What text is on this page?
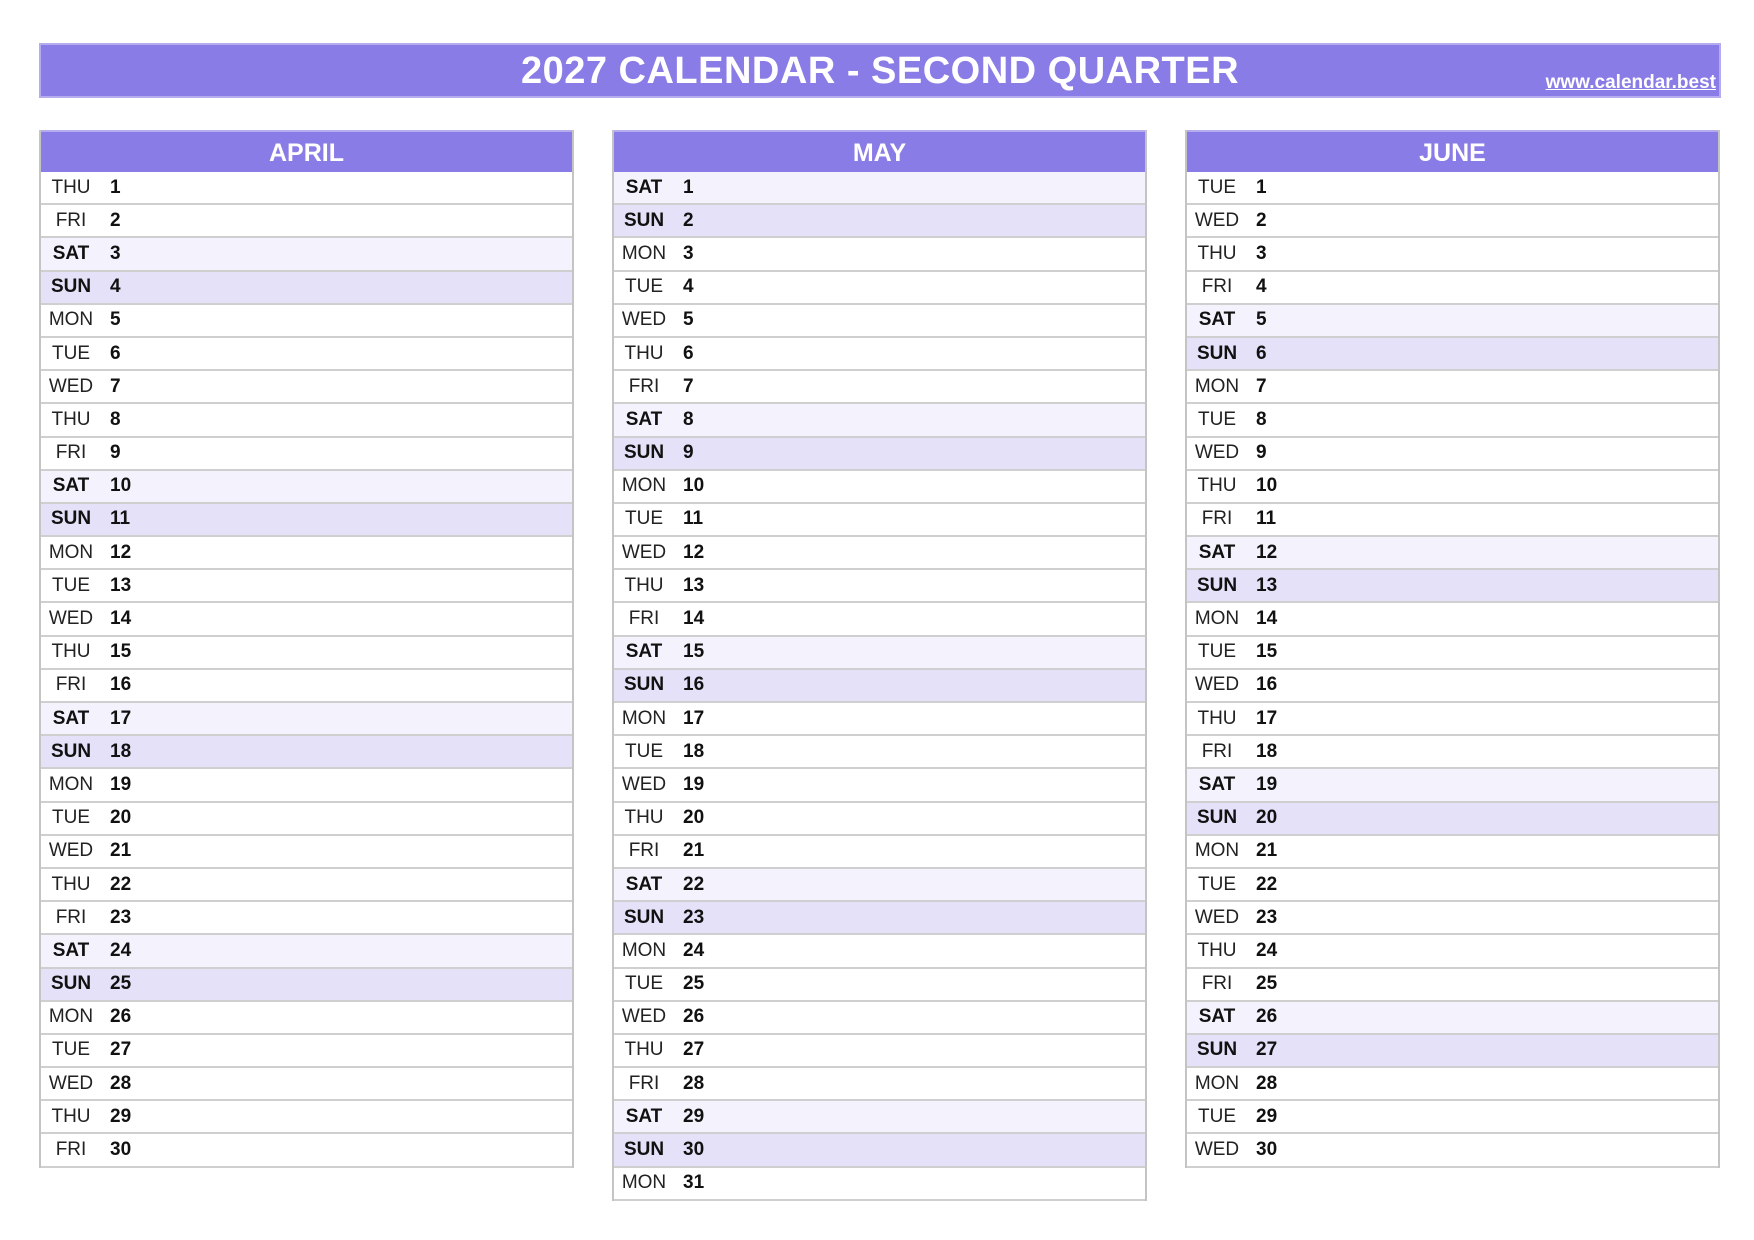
2027 CALENDAR - SECOND QUARTER	www.calendar.best
APRIL
THU	1
FRI	2
SAT	3
SUN 4
MON 5
TUE	6
WED 7
THU	8
FRI	9
SAT	10
SUN 11
MON 12
TUE	13
WED 14
THU	15
FRI	16
SAT	17
SUN 18
MON 19
TUE	20
WED 21
THU	22
FRI	23
SAT	24
SUN 25
MON 26
TUE	27
WED 28
THU	29
FRI	30
MAY
SAT	1
SUN 2
MON 3
TUE	4
WED 5
THU	6
FRI	7
SAT	8
SUN 9
MON 10
TUE	11
WED 12
THU	13
FRI	14
SAT	15
SUN 16
MON 17
TUE	18
WED 19
THU	20
FRI	21
SAT	22
SUN 23
MON 24
TUE	25
WED 26
THU	27
FRI	28
SAT	29
SUN 30
MON 31
JUNE
TUE	1
WED 2
THU	3
FRI	4
SAT	5
SUN 6
MON 7
TUE	8
WED 9
THU	10
FRI	11
SAT	12
SUN 13
MON 14
TUE	15
WED 16
THU	17
FRI	18
SAT	19
SUN 20
MON 21
TUE	22
WED 23
THU	24
FRI	25
SAT	26
SUN 27
MON 28
TUE	29
WED 30
